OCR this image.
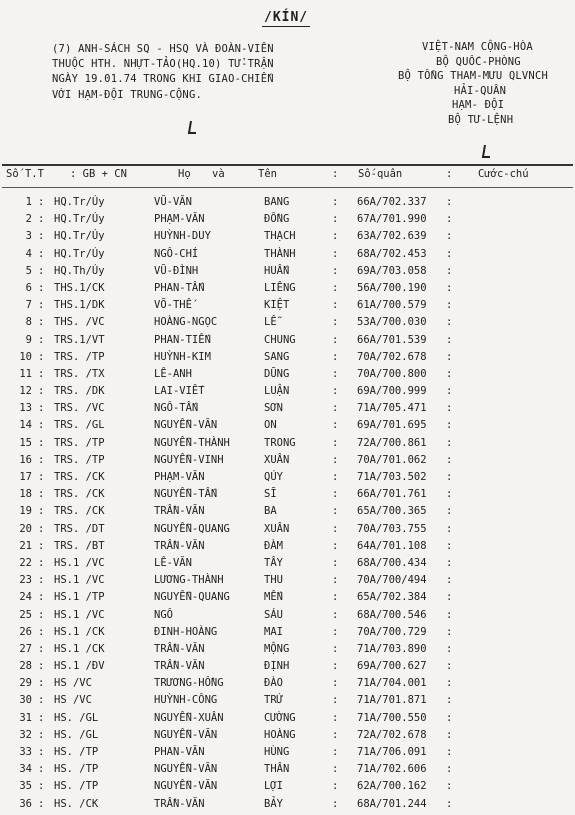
/KÍN/
(7) ANH-SÁCH SQ - HSQ VÀ ĐOÀN-VIÊN
THUỘC HTH. NHỰT-TẢO(HQ.10) TỬ-TRẬN
NGÀY 19.01.74 TRONG KHI GIAO-CHIẾN
VỚI HẠM-ĐỘI TRUNG-CỘNG.
VIỆT-NAM CỘNG-HÒA
BỘ QUỐC-PHÒNG
BỘ TỔNG THAM-MƯU QLVNCH
HẢI-QUÂN
HẠM- ĐỘI
BỘ TƯ-LỆNH
Số T.T : GB + CN	Họ và	Tên	: Số-quân	: Cước-chú
1 : HQ.Tr/Úy	VŨ-VĂN	BANG	: 66A/702.337 :
2 : HQ.Tr/Úy	PHẠM-VĂN	ĐỒNG	: 67A/701.990 :
3 : HQ.Tr/Úy	HUỲNH-DUY	THẠCH	: 63A/702.639 :
4 : HQ.Tr/Úy	NGÔ-CHÍ	THÀNH	: 68A/702.453 :
5 : HQ.Th/Úy	VŨ-ĐÌNH	HUẤN	: 69A/703.058 :
6 : THS.1/CK	PHAN-TẤN	LIÊNG	: 56A/700.190 :
7 : THS.1/DK	VÕ-THẾ	KIỆT	: 61A/700.579 :
8 : THS. /VC	HOÀNG-NGỌC	LỄ	: 53A/700.030 :
9 : TRS.1/VT	PHAN-TIẾN	CHUNG	: 66A/701.539 :
10 : TRS. /TP	HUỲNH-KIM	SANG	: 70A/702.678 :
11 : TRS. /TX	LÊ-ANH	DŨNG	: 70A/700.800 :
12 : TRS. /DK	LAI-VIẾT	LUẬN	: 69A/700.999 :
13 : TRS. /VC	NGÔ-TẤN	SƠN	: 71A/705.471 :
14 : TRS. /GL	NGUYỄN-VĂN	ON	: 69A/701.695 :
15 : TRS. /TP	NGUYỄN-THÀNH	TRONG	: 72A/700.861 :
16 : TRS. /TP	NGUYỄN-VINH	XUÂN	: 70A/701.062 :
17 : TRS. /CK	PHẠM-VĂN	QÚY	: 71A/703.502 :
18 : TRS. /CK	NGUYỄN-TẤN	SĨ	: 66A/701.761 :
19 : TRS. /CK	TRẦN-VĂN	BA	: 65A/700.365 :
20 : TRS. /DT	NGUYỄN-QUANG	XUÂN	: 70A/703.755 :
21 : TRS. /BT	TRẦN-VĂN	ĐÀM	: 64A/701.108 :
22 : HS.1 /VC	LÊ-VĂN	TÂY	: 68A/700.434 :
23 : HS.1 /VC	LƯƠNG-THÀNH	THU	: 70A/700/494 :
24 : HS.1 /TP	NGUYỄN-QUANG	MẾN	: 65A/702.384 :
25 : HS.1 /VC	NGÔ	SÁU	: 68A/700.546 :
26 : HS.1 /CK	ĐINH-HOÀNG	MAI	: 70A/700.729 :
27 : HS.1 /CK	TRẦN-VĂN	MỘNG	: 71A/703.890 :
28 : HS.1 /ĐV	TRẦN-VĂN	ĐỊNH	: 69A/700.627 :
29 : HS /VC	TRƯƠNG-HỒNG	ĐÀO	: 71A/704.001 :
30 : HS /VC	HUỲNH-CÔNG	TRỨ	: 71A/701.871 :
31 : HS. /GL	NGUYỄN-XUÂN	CƯỜNG	: 71A/700.550 :
32 : HS. /GL	NGUYỄN-VĂN	HOÀNG	: 72A/702.678 :
33 : HS. /TP	PHAN-VĂN	HÙNG	: 71A/706.091 :
34 : HS. /TP	NGUYỄN-VĂN	THÂN	: 71A/702.606 :
35 : HS. /TP	NGUYỄN-VĂN	LỢI	: 62A/700.162 :
36 : HS. /CK	TRẦN-VĂN	BẢY	: 68A/701.244 :
